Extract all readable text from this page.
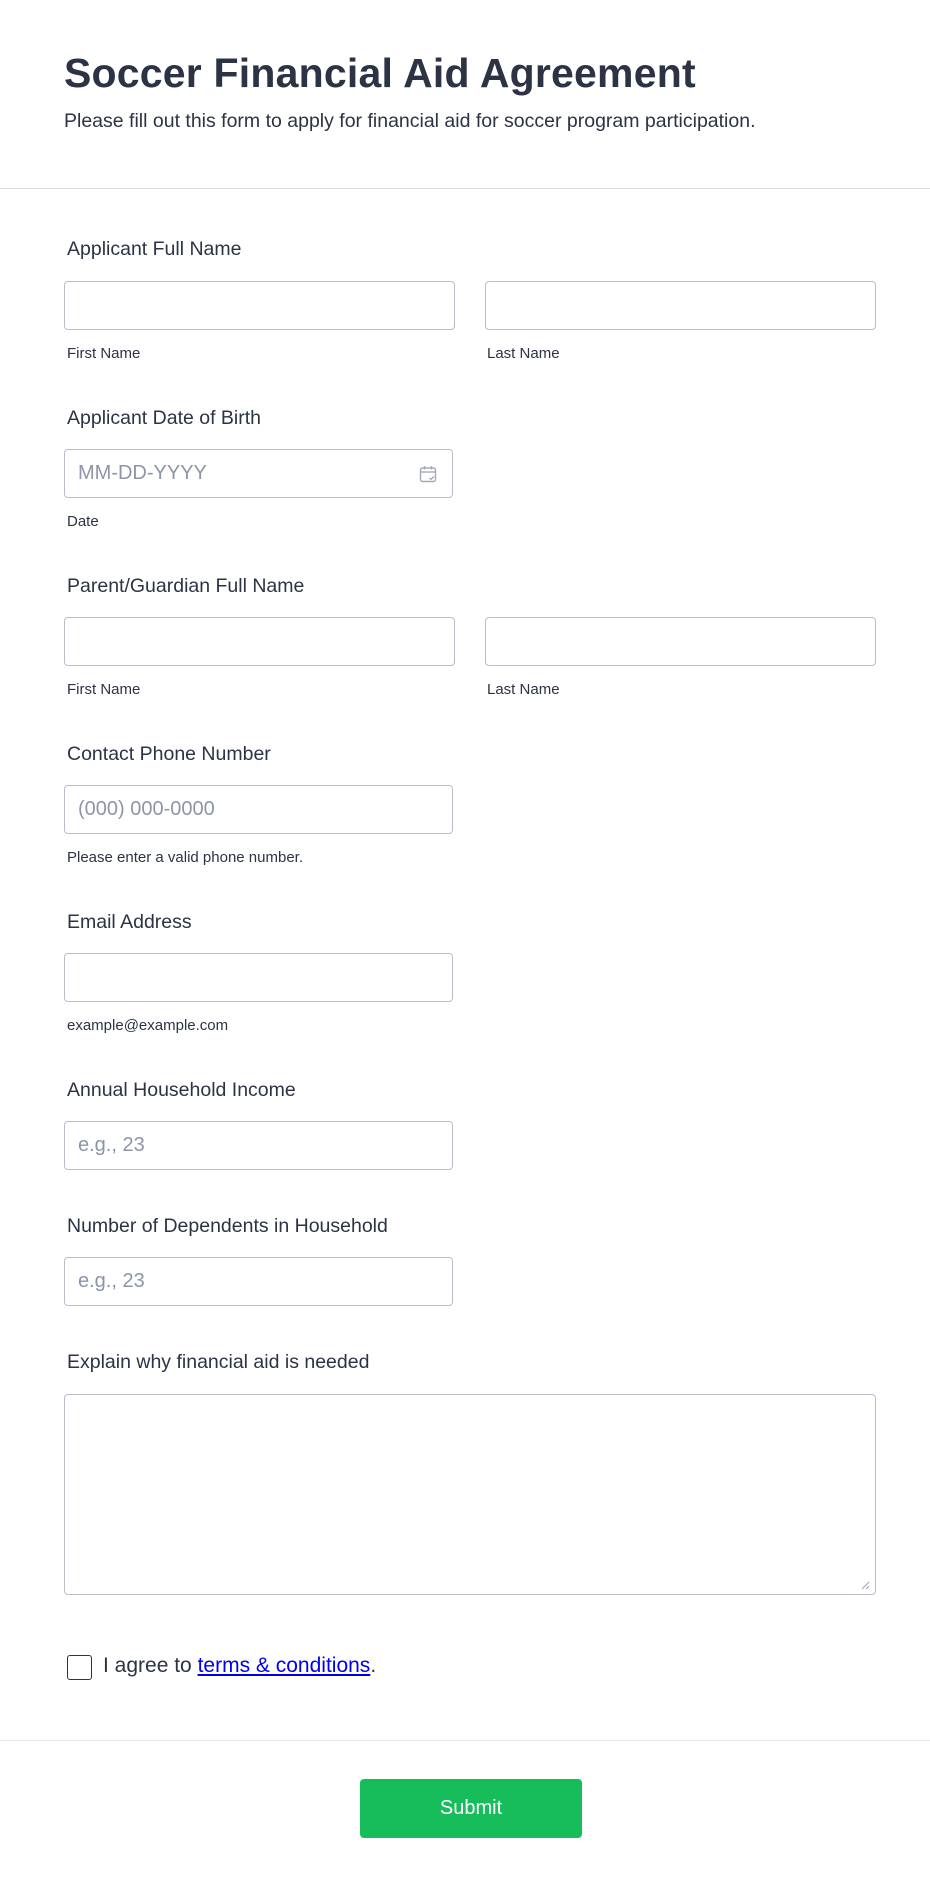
Soccer Financial Aid Agreement

Please fill out this form to apply for financial aid for soccer program participation.

Applicant Full Name
First Name	Last Name
Applicant Date of Birth
MM-DD-YYYY
Date
Parent/Guardian Full Name
First Name	Last Name
Contact Phone Number
(000) 000-0000
Please enter a valid phone number.
Email Address
example@example.com
Annual Household Income
e.g., 23
Number of Dependents in Household
e.g., 23
Explain why financial aid is needed
I agree to terms & conditions.
Submit
